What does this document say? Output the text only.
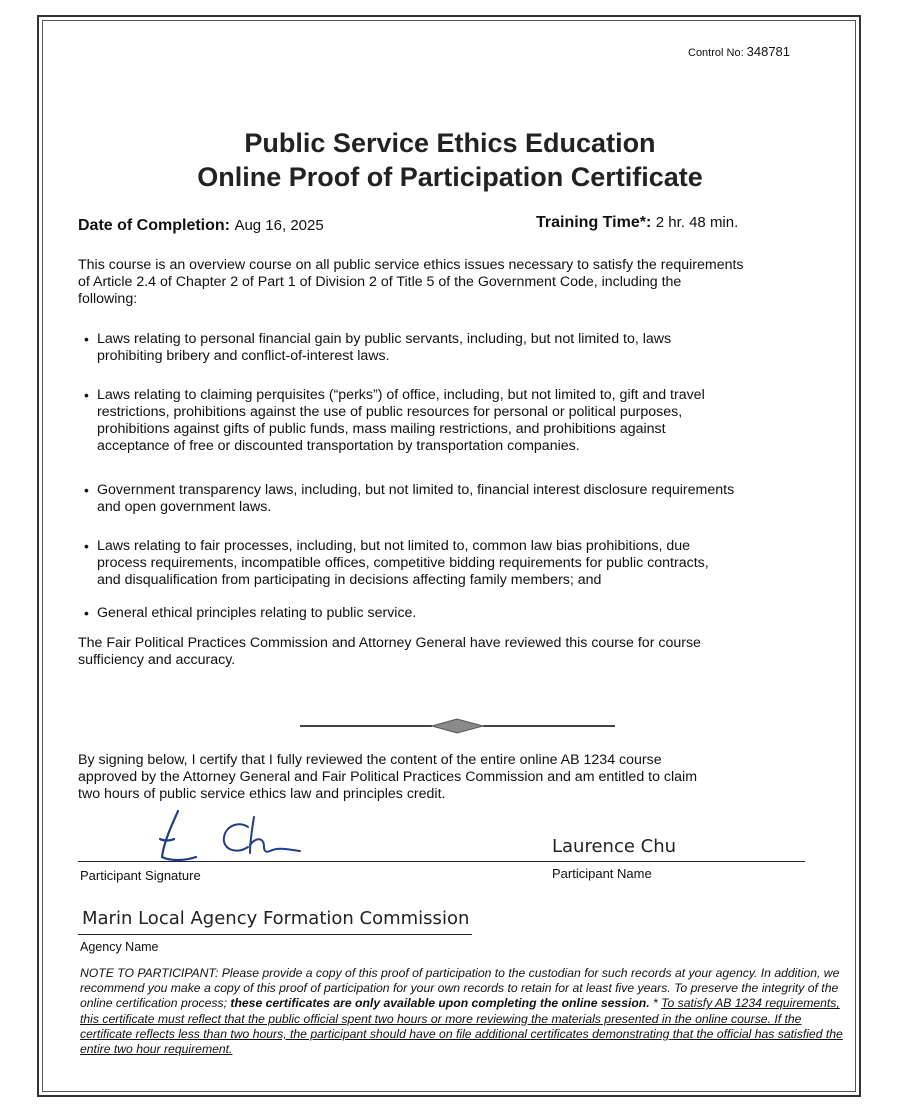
Control No: 348781
Public Service Ethics Education
Online Proof of Participation Certificate
Date of Completion: Aug 16, 2025	Training Time*: 2 hr. 48 min.
This course is an overview course on all public service ethics issues necessary to satisfy the requirements
of Article 2.4 of Chapter 2 of Part 1 of Division 2 of Title 5 of the Government Code, including the
following:
• Laws relating to personal financial gain by public servants, including, but not limited to, laws
prohibiting bribery and conflict-of-interest laws.
• Laws relating to claiming perquisites (“perks”) of office, including, but not limited to, gift and travel
restrictions, prohibitions against the use of public resources for personal or political purposes,
prohibitions against gifts of public funds, mass mailing restrictions, and prohibitions against
acceptance of free or discounted transportation by transportation companies.
• Government transparency laws, including, but not limited to, financial interest disclosure requirements
and open government laws.
• Laws relating to fair processes, including, but not limited to, common law bias prohibitions, due
process requirements, incompatible offices, competitive bidding requirements for public contracts,
and disqualification from participating in decisions affecting family members; and
• General ethical principles relating to public service.
The Fair Political Practices Commission and Attorney General have reviewed this course for course
sufficiency and accuracy.
By signing below, I certify that I fully reviewed the content of the entire online AB 1234 course
approved by the Attorney General and Fair Political Practices Commission and am entitled to claim
two hours of public service ethics law and principles credit.
Laurence Chu
Participant Signature	Participant Name
Marin Local Agency Formation Commission
Agency Name
NOTE TO PARTICIPANT: Please provide a copy of this proof of participation to the custodian for such records at your agency. In addition, we recommend you make a copy of this proof of participation for your own records to retain for at least five years. To preserve the integrity of the online certification process; these certificates are only available upon completing the online session. * To satisfy AB 1234 requirements, this certificate must reflect that the public official spent two hours or more reviewing the materials presented in the online course. If the certificate reflects less than two hours, the participant should have on file additional certificates demonstrating that the official has satisfied the entire two hour requirement.
